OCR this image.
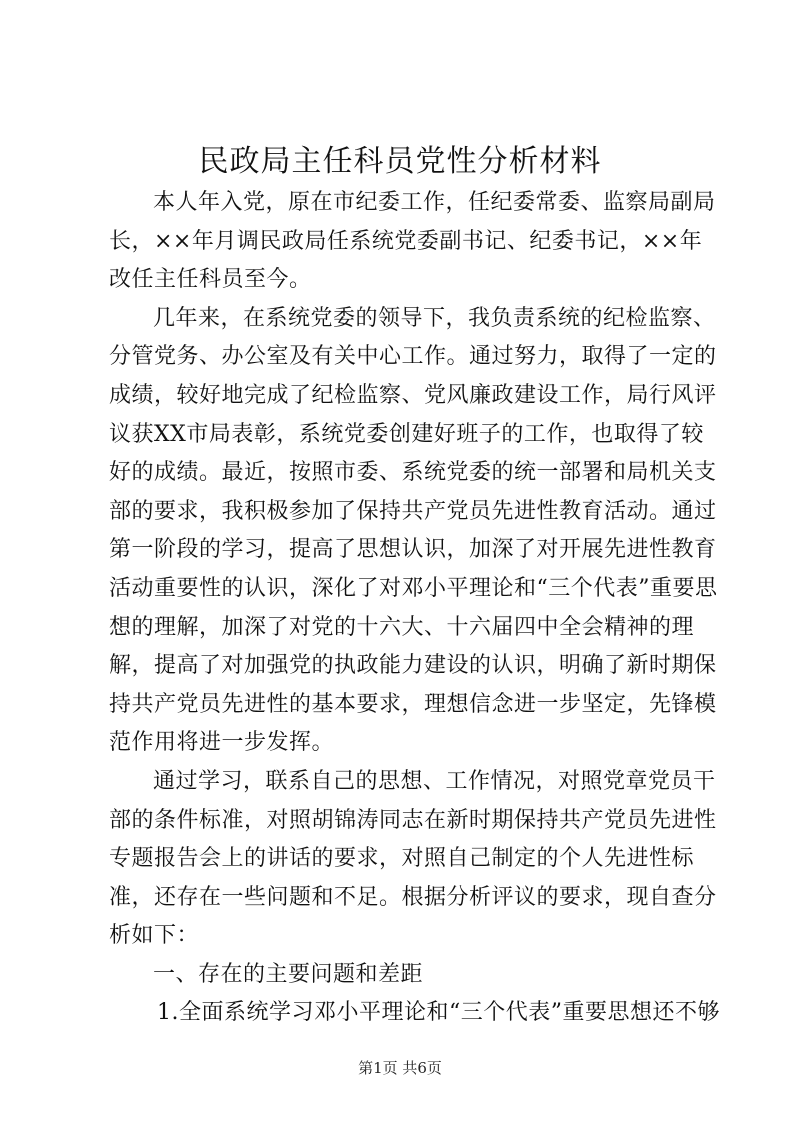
民政局主任科员党性分析材料

本人年入党，原在市纪委工作，任纪委常委、监察局副局长，××年月调民政局任系统党委副书记、纪委书记，××年改任主任科员至今。

几年来，在系统党委的领导下，我负责系统的纪检监察、分管党务、办公室及有关中心工作。通过努力，取得了一定的成绩，较好地完成了纪检监察、党风廉政建设工作，局行风评议获XX市局表彰，系统党委创建好班子的工作，也取得了较好的成绩。最近，按照市委、系统党委的统一部署和局机关支部的要求，我积极参加了保持共产党员先进性教育活动。通过第一阶段的学习，提高了思想认识，加深了对开展先进性教育活动重要性的认识，深化了对邓小平理论和“三个代表”重要思想的理解，加深了对党的十六大、十六届四中全会精神的理解，提高了对加强党的执政能力建设的认识，明确了新时期保持共产党员先进性的基本要求，理想信念进一步坚定，先锋模范作用将进一步发挥。

通过学习，联系自己的思想、工作情况，对照党章党员干部的条件标准，对照胡锦涛同志在新时期保持共产党员先进性专题报告会上的讲话的要求，对照自己制定的个人先进性标准，还存在一些问题和不足。根据分析评议的要求，现自查分析如下：

一、存在的主要问题和差距

1.全面系统学习邓小平理论和“三个代表”重要思想还不够

第1页 共6页
